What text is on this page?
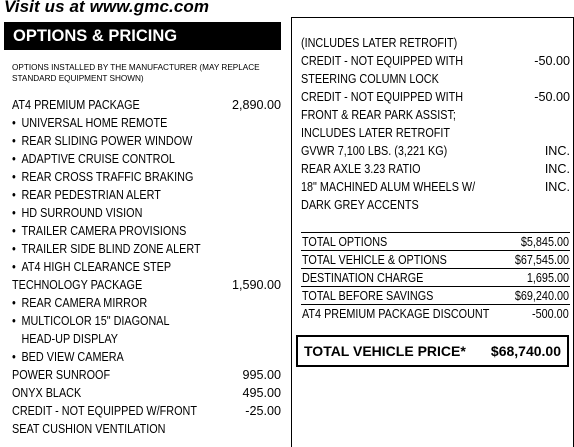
Visit us at www.gmc.com
OPTIONS & PRICING
OPTIONS INSTALLED BY THE MANUFACTURER (MAY REPLACE STANDARD EQUIPMENT SHOWN)
AT4 PREMIUM PACKAGE	2,890.00
• UNIVERSAL HOME REMOTE
• REAR SLIDING POWER WINDOW
• ADAPTIVE CRUISE CONTROL
• REAR CROSS TRAFFIC BRAKING
• REAR PEDESTRIAN ALERT
• HD SURROUND VISION
• TRAILER CAMERA PROVISIONS
• TRAILER SIDE BLIND ZONE ALERT
• AT4 HIGH CLEARANCE STEP
TECHNOLOGY PACKAGE	1,590.00
• REAR CAMERA MIRROR
• MULTICOLOR 15" DIAGONAL
HEAD-UP DISPLAY
• BED VIEW CAMERA
POWER SUNROOF	995.00
ONYX BLACK	495.00
CREDIT - NOT EQUIPPED W/FRONT	-25.00
SEAT CUSHION VENTILATION
(INCLUDES LATER RETROFIT)
CREDIT - NOT EQUIPPED WITH	-50.00
STEERING COLUMN LOCK
CREDIT - NOT EQUIPPED WITH	-50.00
FRONT & REAR PARK ASSIST;
INCLUDES LATER RETROFIT
GVWR 7,100 LBS. (3,221 KG)	INC.
REAR AXLE 3.23 RATIO	INC.
18" MACHINED ALUM WHEELS W/	INC.
DARK GREY ACCENTS
TOTAL OPTIONS	$5,845.00
TOTAL VEHICLE & OPTIONS	$67,545.00
DESTINATION CHARGE	1,695.00
TOTAL BEFORE SAVINGS	$69,240.00
AT4 PREMIUM PACKAGE DISCOUNT	-500.00
TOTAL VEHICLE PRICE* $68,740.00
